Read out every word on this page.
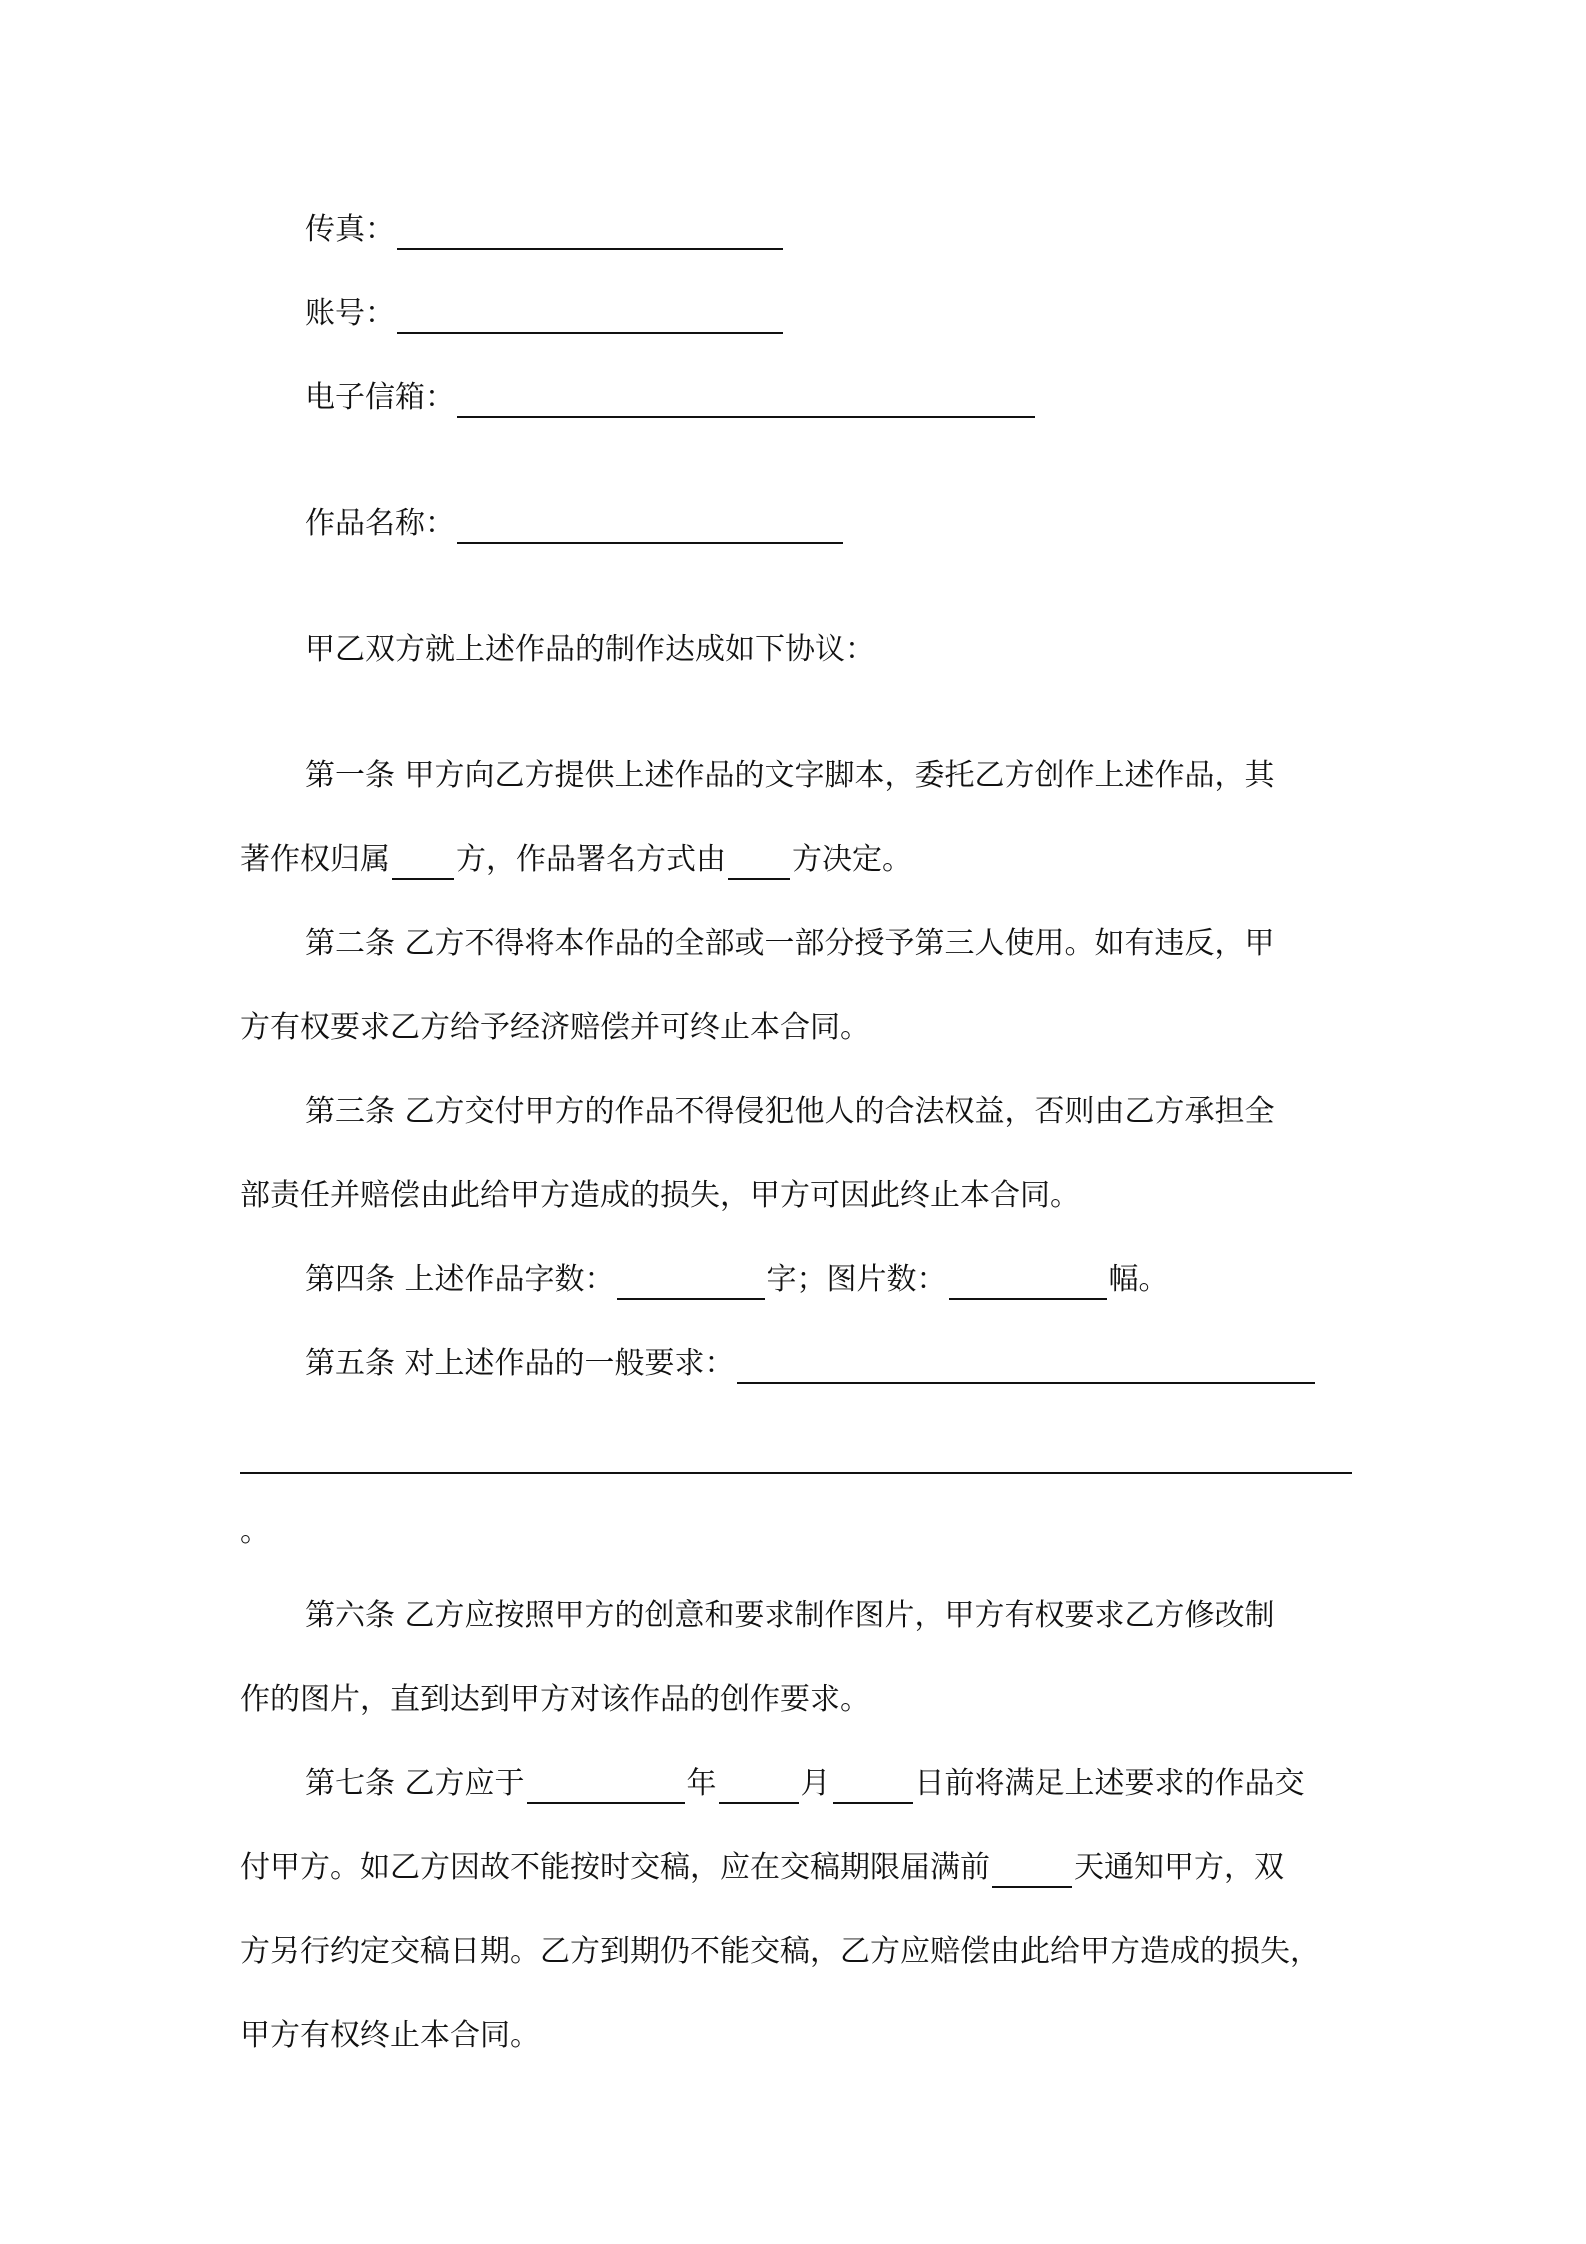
传真：
账号：
电子信箱：
作品名称：
甲乙双方就上述作品的制作达成如下协议：
第一条 甲方向乙方提供上述作品的文字脚本，委托乙方创作上述作品，其
著作权归属 方，作品署名方式由 方决定。
第二条 乙方不得将本作品的全部或一部分授予第三人使用。如有违反，甲
方有权要求乙方给予经济赔偿并可终止本合同。
第三条 乙方交付甲方的作品不得侵犯他人的合法权益，否则由乙方承担全
部责任并赔偿由此给甲方造成的损失，甲方可因此终止本合同。
第四条 上述作品字数：	字；图片数：	幅。
第五条 对上述作品的一般要求：
。
第六条 乙方应按照甲方的创意和要求制作图片，甲方有权要求乙方修改制
作的图片，直到达到甲方对该作品的创作要求。
第七条 乙方应于	年	月	日前将满足上述要求的作品交
付甲方。如乙方因故不能按时交稿，应在交稿期限届满前	天通知甲方，双
方另行约定交稿日期。乙方到期仍不能交稿，乙方应赔偿由此给甲方造成的损失，
甲方有权终止本合同。
